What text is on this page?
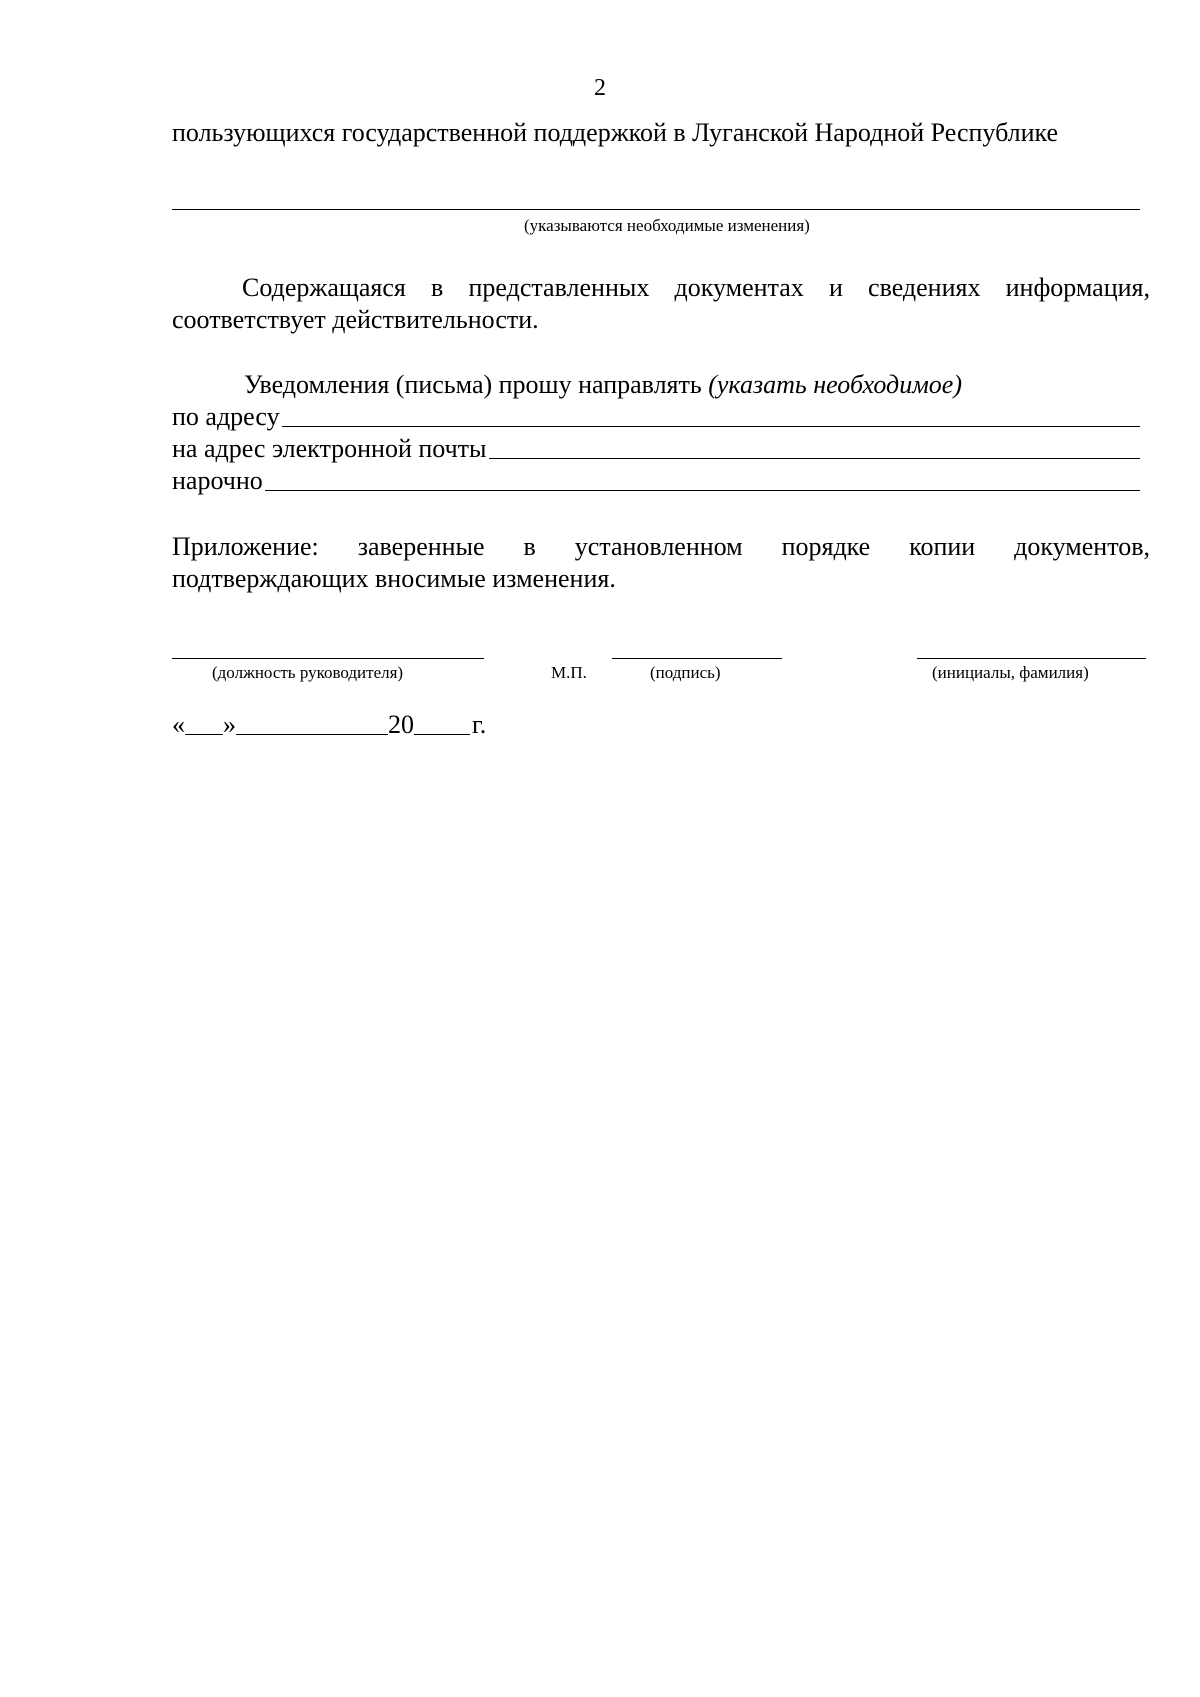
2
пользующихся государственной поддержкой в Луганской Народной Республике
(указываются необходимые изменения)
Содержащаяся в представленных документах и сведениях информация,
соответствует действительности.
Уведомления (письма) прошу направлять (указать необходимое)
по адресу
на адрес электронной почты
нарочно
Приложение: заверенные в установленном порядке копии документов,
подтверждающих вносимые изменения.
(должность руководителя)	М.П.	(подпись)	(инициалы, фамилия)
« »	20 г.
